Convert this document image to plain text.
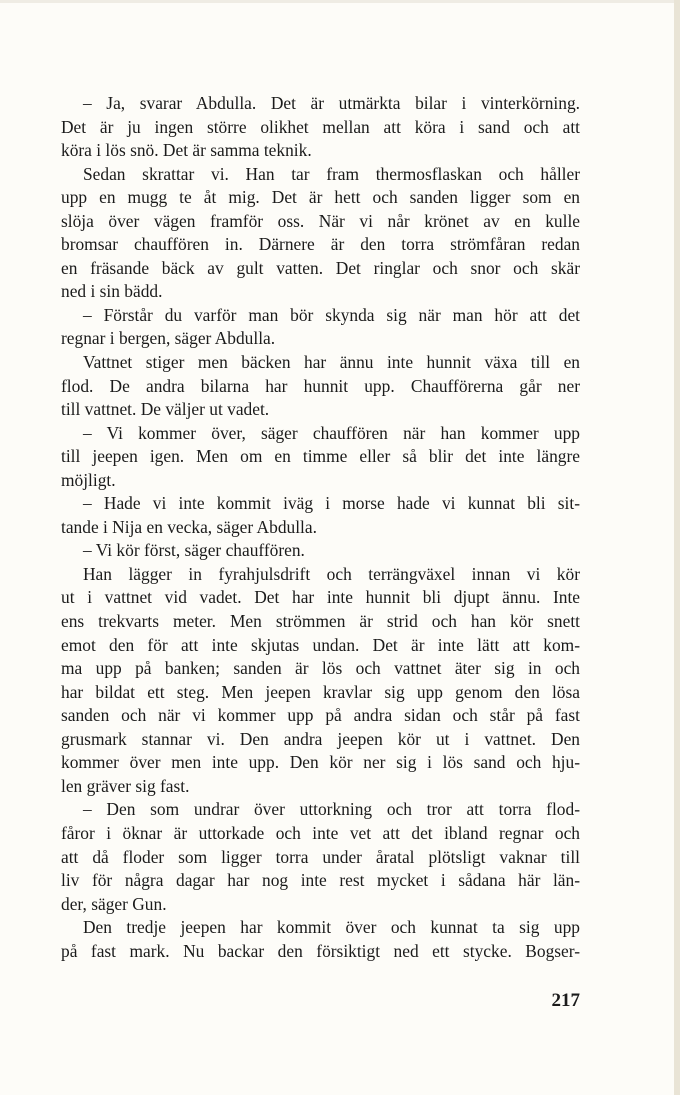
– Ja, svarar Abdulla. Det är utmärkta bilar i vinterkörning.
Det är ju ingen större olikhet mellan att köra i sand och att
köra i lös snö. Det är samma teknik.
Sedan skrattar vi. Han tar fram thermosflaskan och håller
upp en mugg te åt mig. Det är hett och sanden ligger som en
slöja över vägen framför oss. När vi når krönet av en kulle
bromsar chauffören in. Därnere är den torra strömfåran redan
en fräsande bäck av gult vatten. Det ringlar och snor och skär
ned i sin bädd.
– Förstår du varför man bör skynda sig när man hör att det
regnar i bergen, säger Abdulla.
Vattnet stiger men bäcken har ännu inte hunnit växa till en
flod. De andra bilarna har hunnit upp. Chaufförerna går ner
till vattnet. De väljer ut vadet.
– Vi kommer över, säger chauffören när han kommer upp
till jeepen igen. Men om en timme eller så blir det inte längre
möjligt.
– Hade vi inte kommit iväg i morse hade vi kunnat bli sit-
tande i Nija en vecka, säger Abdulla.
– Vi kör först, säger chauffören.
Han lägger in fyrahjulsdrift och terrängväxel innan vi kör
ut i vattnet vid vadet. Det har inte hunnit bli djupt ännu. Inte
ens trekvarts meter. Men strömmen är strid och han kör snett
emot den för att inte skjutas undan. Det är inte lätt att kom-
ma upp på banken; sanden är lös och vattnet äter sig in och
har bildat ett steg. Men jeepen kravlar sig upp genom den lösa
sanden och när vi kommer upp på andra sidan och står på fast
grusmark stannar vi. Den andra jeepen kör ut i vattnet. Den
kommer över men inte upp. Den kör ner sig i lös sand och hju-
len gräver sig fast.
– Den som undrar över uttorkning och tror att torra flod-
fåror i öknar är uttorkade och inte vet att det ibland regnar och
att då floder som ligger torra under åratal plötsligt vaknar till
liv för några dagar har nog inte rest mycket i sådana här län-
der, säger Gun.
Den tredje jeepen har kommit över och kunnat ta sig upp
på fast mark. Nu backar den försiktigt ned ett stycke. Bogser-
217
